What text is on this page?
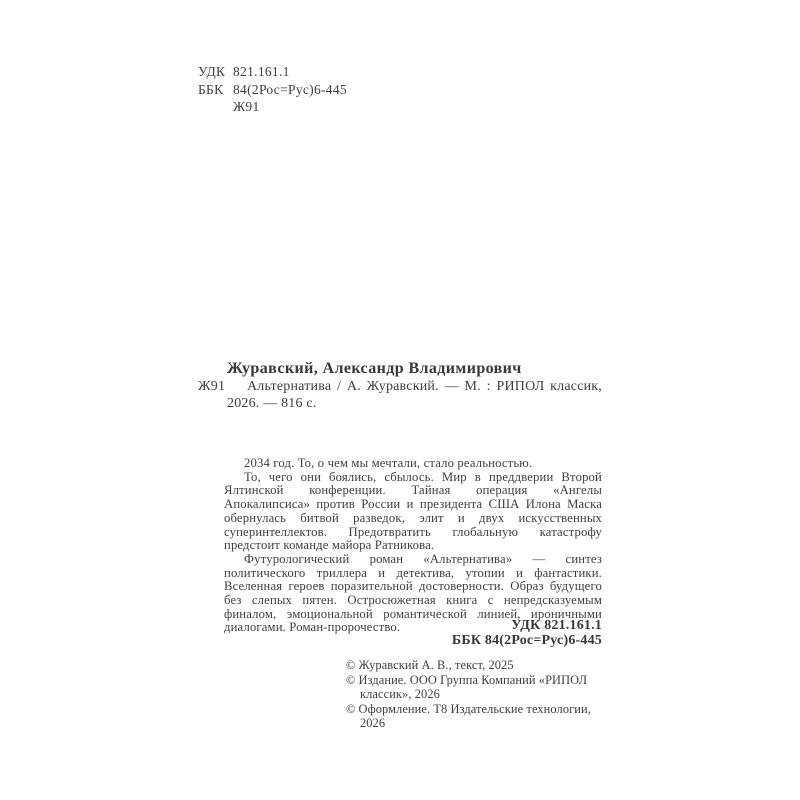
УДК 821.161.1
ББК 84(2Рос=Рус)6-445
Ж91

Журавский, Александр Владимирович

Ж91 Альтернатива / А. Журавский. — М. : РИПОЛ классик, 2026. — 816 с.

2034 год. То, о чем мы мечтали, стало реальностью.

То, чего они боялись, сбылось. Мир в преддверии Второй Ялтинской конференции. Тайная операция «Ангелы Апокалипсиса» против России и президента США Илона Маска обернулась битвой разведок, элит и двух искусственных суперинтеллектов. Предотвратить глобальную катастрофу предстоит команде майора Ратникова.

Футурологический роман «Альтернатива» — синтез политического триллера и детектива, утопии и фантастики. Вселенная героев поразительной достоверности. Образ будущего без слепых пятен. Остросюжетная книга с непредсказуемым финалом, эмоциональной романтической линией, ироничными диалогами. Роман-пророчество.	УДК 821.161.1
ББК 84(2Рос=Рус)6-445

© Журавский А. В., текст, 2025

© Издание. ООО Группа Компаний «РИПОЛ классик», 2026

© Оформление. Т8 Издательские технологии, 2026
